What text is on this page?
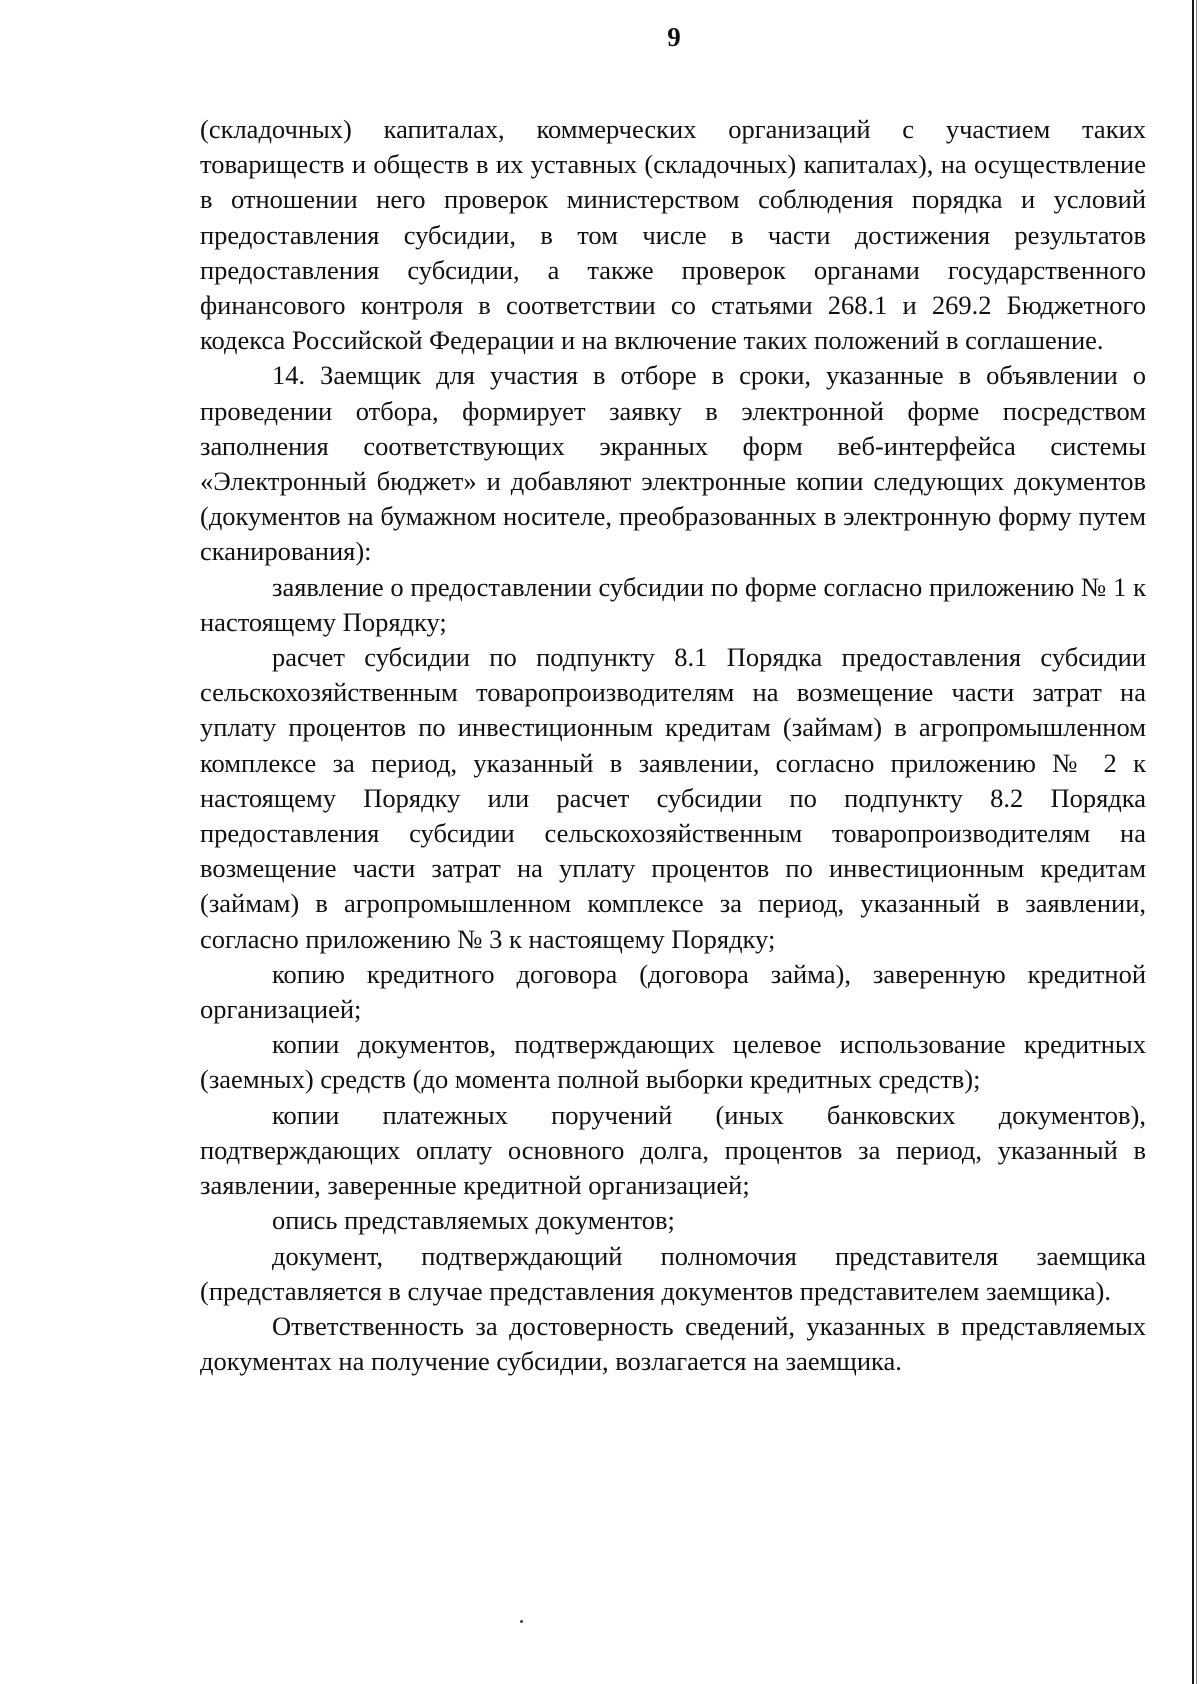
9

(складочных) капиталах, коммерческих организаций с участием таких товариществ и обществ в их уставных (складочных) капиталах), на осуществление в отношении него проверок министерством соблюдения порядка и условий предоставления субсидии, в том числе в части достижения результатов предоставления субсидии, а также проверок органами государственного финансового контроля в соответствии со статьями 268.1 и 269.2 Бюджетного кодекса Российской Федерации и на включение таких положений в соглашение.

14. Заемщик для участия в отборе в сроки, указанные в объявлении о проведении отбора, формирует заявку в электронной форме посредством заполнения соответствующих экранных форм веб-интерфейса системы «Электронный бюджет» и добавляют электронные копии следующих документов (документов на бумажном носителе, преобразованных в электронную форму путем сканирования):

заявление о предоставлении субсидии по форме согласно приложению № 1 к настоящему Порядку;

расчет субсидии по подпункту 8.1 Порядка предоставления субсидии сельскохозяйственным товаропроизводителям на возмещение части затрат на уплату процентов по инвестиционным кредитам (займам) в агропромышленном комплексе за период, указанный в заявлении, согласно приложению № 2 к настоящему Порядку или расчет субсидии по подпункту 8.2 Порядка предоставления субсидии сельскохозяйственным товаропроизводителям на возмещение части затрат на уплату процентов по инвестиционным кредитам (займам) в агропромышленном комплексе за период, указанный в заявлении, согласно приложению № 3 к настоящему Порядку;

копию кредитного договора (договора займа), заверенную кредитной организацией;

копии документов, подтверждающих целевое использование кредитных (заемных) средств (до момента полной выборки кредитных средств);

копии платежных поручений (иных банковских документов), подтверждающих оплату основного долга, процентов за период, указанный в заявлении, заверенные кредитной организацией;

опись представляемых документов;

документ, подтверждающий полномочия представителя заемщика (представляется в случае представления документов представителем заемщика).

Ответственность за достоверность сведений, указанных в представляемых документах на получение субсидии, возлагается на заемщика.
